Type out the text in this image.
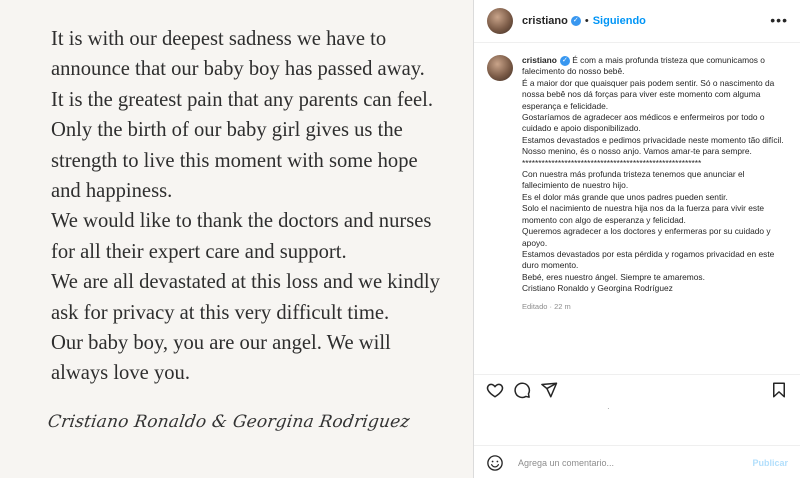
It is with our deepest sadness we have to

announce that our baby boy has passed away.

It is the greatest pain that any parents can feel.

Only the birth of our baby girl gives us the

strength to live this moment with some hope

and happiness.

We would like to thank the doctors and nurses

for all their expert care and support.

We are all devastated at this loss and we kindly

ask for privacy at this very difficult time.

Our baby boy, you are our angel. We will

always love you.

Cristiano Ronaldo & Georgina Rodriguez
cristiano ✓ • Siguiendo	•••

cristiano ✓ É com a mais profunda tristeza que comunicamos o falecimento do nosso bebê.

É a maior dor que quaisquer pais podem sentir. Só o nascimento da nossa bebê nos dá forças para viver este momento com alguma esperança e felicidade.

Gostaríamos de agradecer aos médicos e enfermeiros por todo o cuidado e apoio disponibilizado.

Estamos devastados e pedimos privacidade neste momento tão difícil.

Nosso menino, és o nosso anjo. Vamos amar-te para sempre.

*******************************************************

Con nuestra más profunda tristeza tenemos que anunciar el fallecimiento de nuestro hijo.

Es el dolor más grande que unos padres pueden sentir.

Solo el nacimiento de nuestra hija nos da la fuerza para vivir este momento con algo de esperanza y felicidad.

Queremos agradecer a los doctores y enfermeras por su cuidado y apoyo.

Estamos devastados por esta pérdida y rogamos privacidad en este duro momento.

Bebé, eres nuestro ángel. Siempre te amaremos.

Cristiano Ronaldo y Georgina Rodríguez

Editado · 22 m
·
Agrega un comentario...
Publicar
